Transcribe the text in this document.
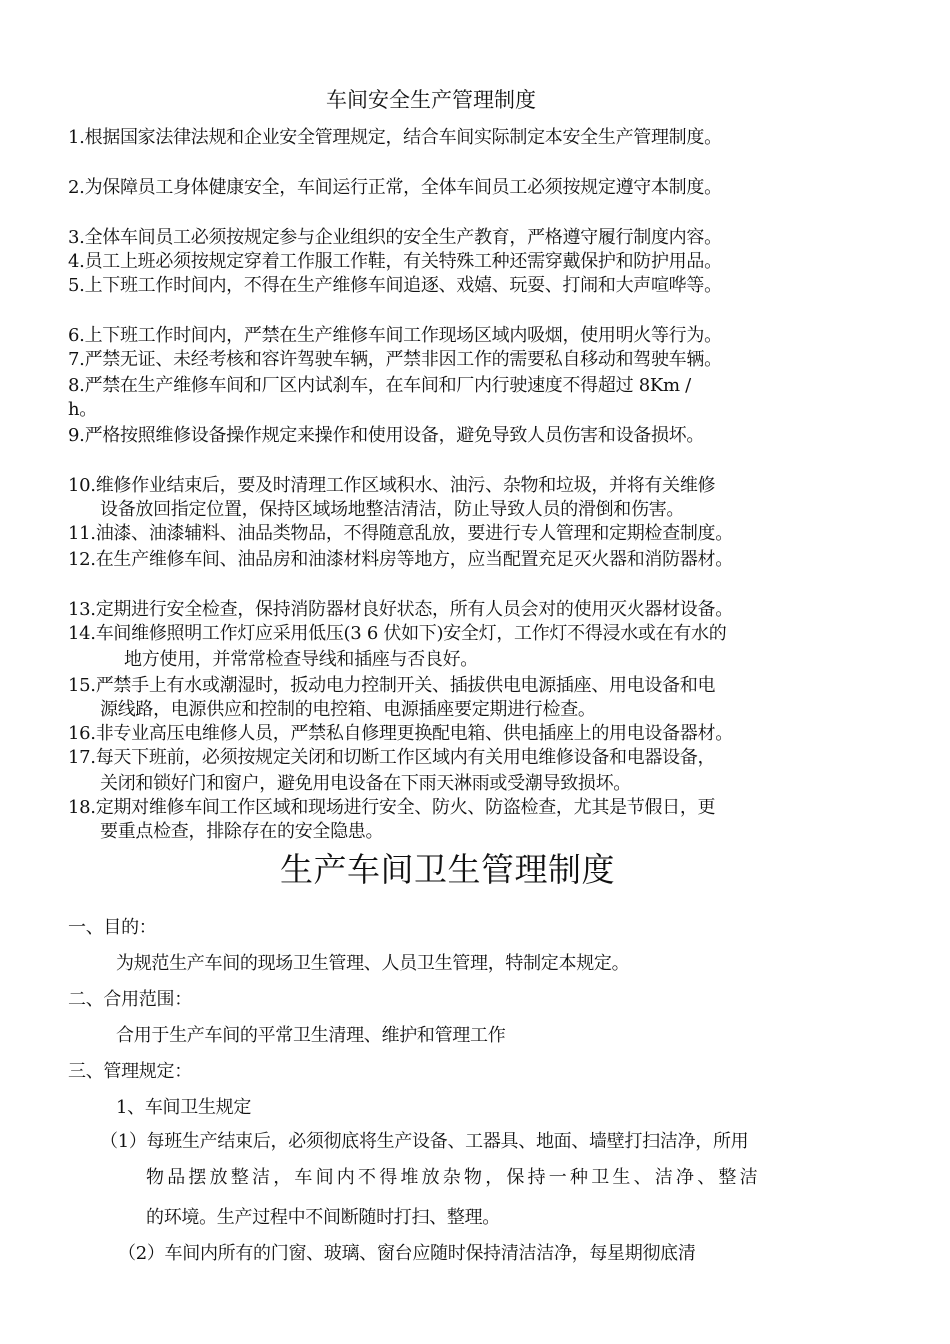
车间安全生产管理制度
1.根据国家法律法规和企业安全管理规定，结合车间实际制定本安全生产管理制度。
2.为保障员工身体健康安全，车间运行正常，全体车间员工必须按规定遵守本制度。
3.全体车间员工必须按规定参与企业组织的安全生产教育，严格遵守履行制度内容。
4.员工上班必须按规定穿着工作服工作鞋，有关特殊工种还需穿戴保护和防护用品。
5.上下班工作时间内，不得在生产维修车间追逐、戏嬉、玩耍、打闹和大声喧哗等。
6.上下班工作时间内，严禁在生产维修车间工作现场区域内吸烟，使用明火等行为。
7.严禁无证、未经考核和容许驾驶车辆，严禁非因工作的需要私自移动和驾驶车辆。
8.严禁在生产维修车间和厂区内试刹车，在车间和厂内行驶速度不得超过 8Km /
h。
9.严格按照维修设备操作规定来操作和使用设备，避免导致人员伤害和设备损坏。
10.维修作业结束后，要及时清理工作区域积水、油污、杂物和垃圾，并将有关维修
设备放回指定位置，保持区域场地整洁清洁，防止导致人员的滑倒和伤害。
11.油漆、油漆辅料、油品类物品，不得随意乱放，要进行专人管理和定期检查制度。
12.在生产维修车间、油品房和油漆材料房等地方，应当配置充足灭火器和消防器材。
13.定期进行安全检查，保持消防器材良好状态，所有人员会对的使用灭火器材设备。
14.车间维修照明工作灯应采用低压(3 6 伏如下)安全灯，工作灯不得浸水或在有水的
地方使用，并常常检查导线和插座与否良好。
15.严禁手上有水或潮湿时，扳动电力控制开关、插拔供电电源插座、用电设备和电
源线路，电源供应和控制的电控箱、电源插座要定期进行检查。
16.非专业高压电维修人员，严禁私自修理更换配电箱、供电插座上的用电设备器材。
17.每天下班前，必须按规定关闭和切断工作区域内有关用电维修设备和电器设备，
关闭和锁好门和窗户，避免用电设备在下雨天淋雨或受潮导致损坏。
18.定期对维修车间工作区域和现场进行安全、防火、防盗检查，尤其是节假日，更
要重点检查，排除存在的安全隐患。
生产车间卫生管理制度
一、目的：
为规范生产车间的现场卫生管理、人员卫生管理，特制定本规定。
二、合用范围：
合用于生产车间的平常卫生清理、维护和管理工作
三、管理规定：
1、车间卫生规定
（1）每班生产结束后，必须彻底将生产设备、工器具、地面、墙壁打扫洁净，所用
物品摆放整洁，车间内不得堆放杂物，保持一种卫生、洁净、整洁
的环境。生产过程中不间断随时打扫、整理。
（2）车间内所有的门窗、玻璃、窗台应随时保持清洁洁净，每星期彻底清
